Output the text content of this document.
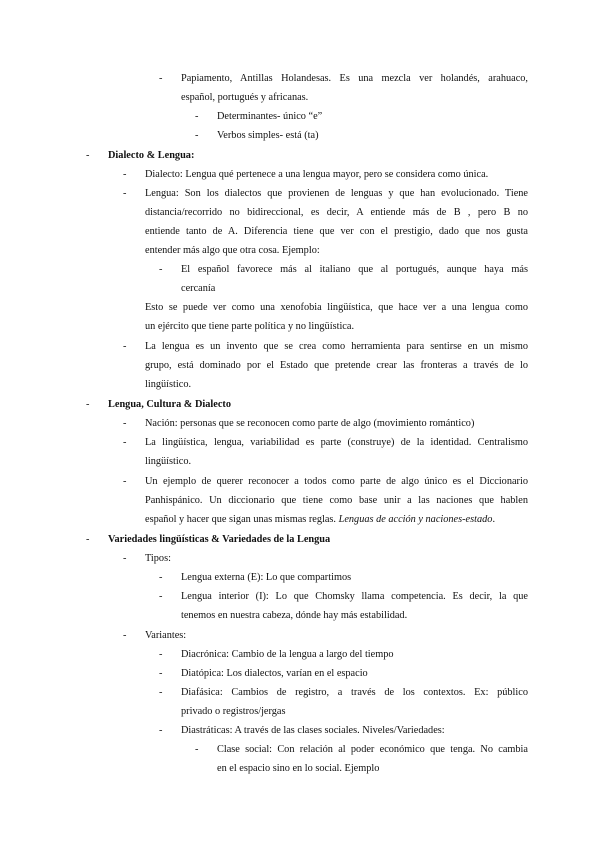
- Papiamento, Antillas Holandesas. Es una mezcla ver holandés, arahuaco,
español, portugués y africanas.
- Determinantes- único “e”
- Verbos simples- está (ta)
- Dialecto & Lengua:
- Dialecto: Lengua qué pertenece a una lengua mayor, pero se considera como única.
- Lengua: Son los dialectos que provienen de lenguas y que han evolucionado. Tiene
distancia/recorrido no bidireccional, es decir, A entiende más de B , pero B no
entiende tanto de A. Diferencia tiene que ver con el prestigio, dado que nos gusta
entender más algo que otra cosa. Ejemplo:
- El español favorece más al italiano que al portugués, aunque haya más
cercanía
Esto se puede ver como una xenofobia lingüística, que hace ver a una lengua como
un ejército que tiene parte política y no lingüística.
- La lengua es un invento que se crea como herramienta para sentirse en un mismo
grupo, está dominado por el Estado que pretende crear las fronteras a través de lo
lingüístico.
- Lengua, Cultura & Dialecto
- Nación: personas que se reconocen como parte de algo (movimiento romántico)
- La lingüística, lengua, variabilidad es parte (construye) de la identidad. Centralismo
lingüístico.
- Un ejemplo de querer reconocer a todos como parte de algo único es el Diccionario
Panhispánico. Un diccionario que tiene como base unir a las naciones que hablen
español y hacer que sigan unas mismas reglas. Lenguas de acción y naciones-estado.
- Variedades lingüísticas & Variedades de la Lengua
- Tipos:
- Lengua externa (E): Lo que compartimos
- Lengua interior (I): Lo que Chomsky llama competencia. Es decir, la que
tenemos en nuestra cabeza, dónde hay más estabilidad.
- Variantes:
- Diacrónica: Cambio de la lengua a largo del tiempo
- Diatópica: Los dialectos, varían en el espacio
- Diafásica: Cambios de registro, a través de los contextos. Ex: público
privado o registros/jergas
- Diastráticas: A través de las clases sociales. Niveles/Variedades:
- Clase social: Con relación al poder económico que tenga. No cambia
en el espacio sino en lo social. Ejemplo
